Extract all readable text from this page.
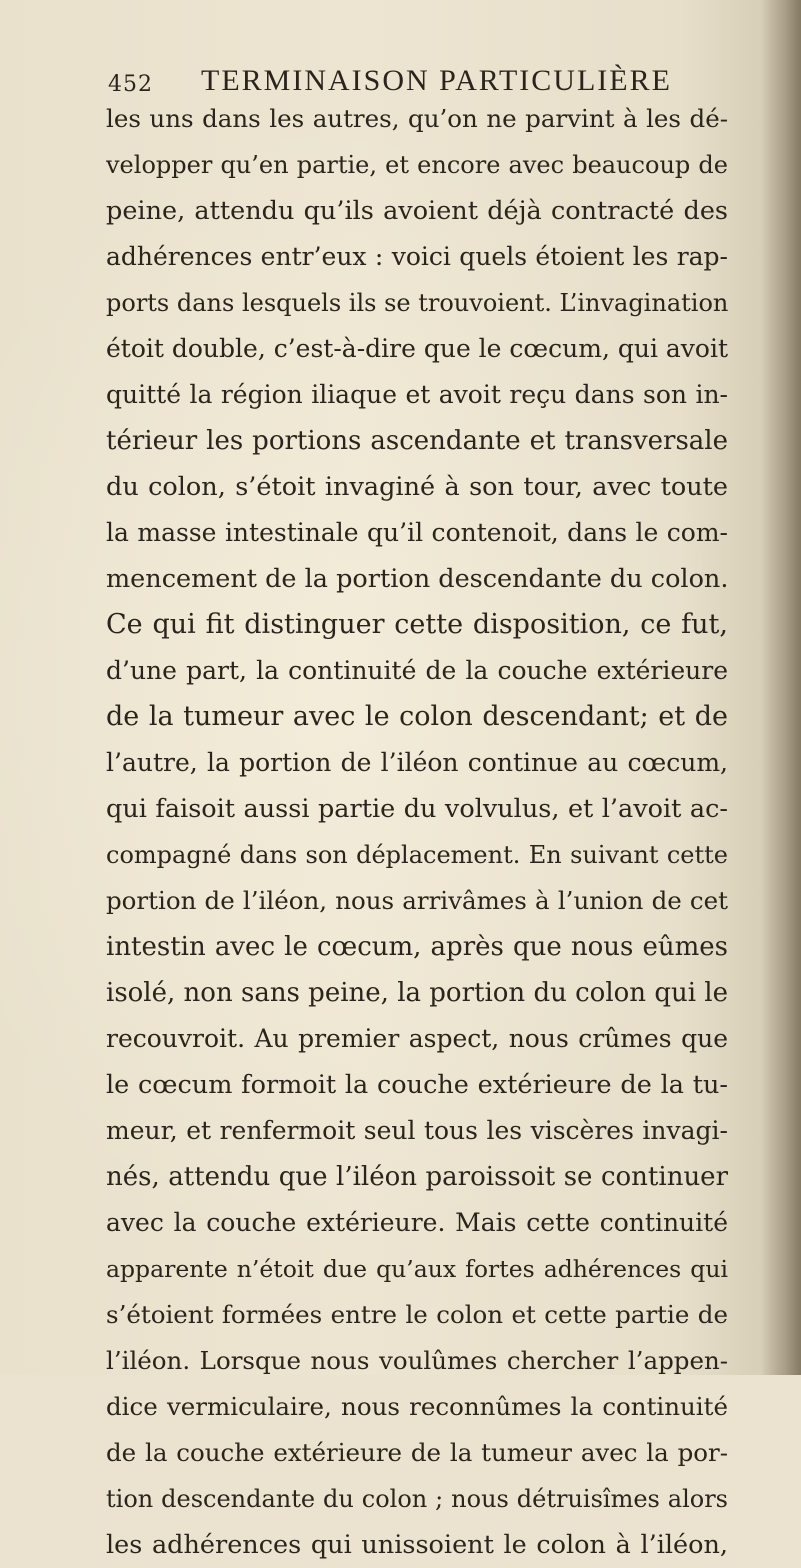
452 TERMINAISON PARTICULIÈRE
les uns dans les autres, qu’on ne parvint à les dé-
velopper qu’en partie, et encore avec beaucoup de
peine, attendu qu’ils avoient déjà contracté des
adhérences entr’eux : voici quels étoient les rap-
ports dans lesquels ils se trouvoient. L’invagination
étoit double, c’est-à-dire que le cœcum, qui avoit
quitté la région iliaque et avoit reçu dans son in-
térieur les portions ascendante et transversale
du colon, s’étoit invaginé à son tour, avec toute
la masse intestinale qu’il contenoit, dans le com-
mencement de la portion descendante du colon.
Ce qui fit distinguer cette disposition, ce fut,
d’une part, la continuité de la couche extérieure
de la tumeur avec le colon descendant; et de
l’autre, la portion de l’iléon continue au cœcum,
qui faisoit aussi partie du volvulus, et l’avoit ac-
compagné dans son déplacement. En suivant cette
portion de l’iléon, nous arrivâmes à l’union de cet
intestin avec le cœcum, après que nous eûmes
isolé, non sans peine, la portion du colon qui le
recouvroit. Au premier aspect, nous crûmes que
le cœcum formoit la couche extérieure de la tu-
meur, et renfermoit seul tous les viscères invagi-
nés, attendu que l’iléon paroissoit se continuer
avec la couche extérieure. Mais cette continuité
apparente n’étoit due qu’aux fortes adhérences qui
s’étoient formées entre le colon et cette partie de
l’iléon. Lorsque nous voulûmes chercher l’appen-
dice vermiculaire, nous reconnûmes la continuité
de la couche extérieure de la tumeur avec la por-
tion descendante du colon ; nous détruisîmes alors
les adhérences qui unissoient le colon à l’iléon,
